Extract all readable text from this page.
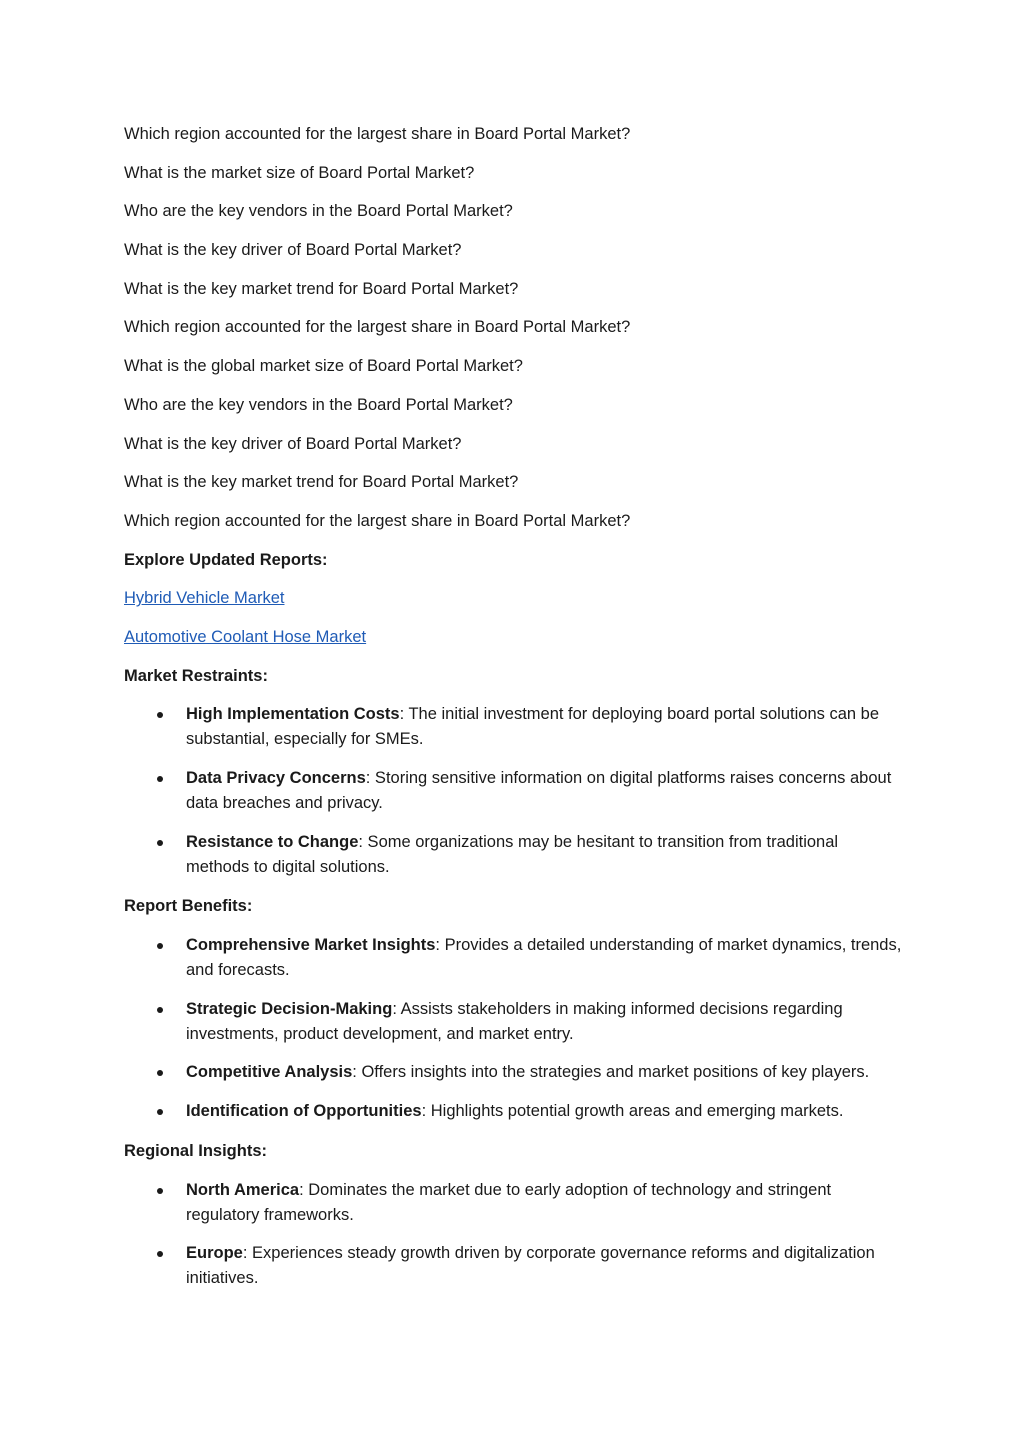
Which region accounted for the largest share in Board Portal Market?

What is the market size of Board Portal Market?

Who are the key vendors in the Board Portal Market?

What is the key driver of Board Portal Market?

What is the key market trend for Board Portal Market?

Which region accounted for the largest share in Board Portal Market?

What is the global market size of Board Portal Market?

Who are the key vendors in the Board Portal Market?

What is the key driver of Board Portal Market?

What is the key market trend for Board Portal Market?

Which region accounted for the largest share in Board Portal Market?

Explore Updated Reports:

Hybrid Vehicle Market

Automotive Coolant Hose Market

Market Restraints:

High Implementation Costs: The initial investment for deploying board portal solutions can be substantial, especially for SMEs.
Data Privacy Concerns: Storing sensitive information on digital platforms raises concerns about data breaches and privacy.
Resistance to Change: Some organizations may be hesitant to transition from traditional methods to digital solutions.

Report Benefits:

Comprehensive Market Insights: Provides a detailed understanding of market dynamics, trends, and forecasts.
Strategic Decision-Making: Assists stakeholders in making informed decisions regarding investments, product development, and market entry.
Competitive Analysis: Offers insights into the strategies and market positions of key players.
Identification of Opportunities: Highlights potential growth areas and emerging markets.

Regional Insights:

North America: Dominates the market due to early adoption of technology and stringent regulatory frameworks.
Europe: Experiences steady growth driven by corporate governance reforms and digitalization initiatives.
